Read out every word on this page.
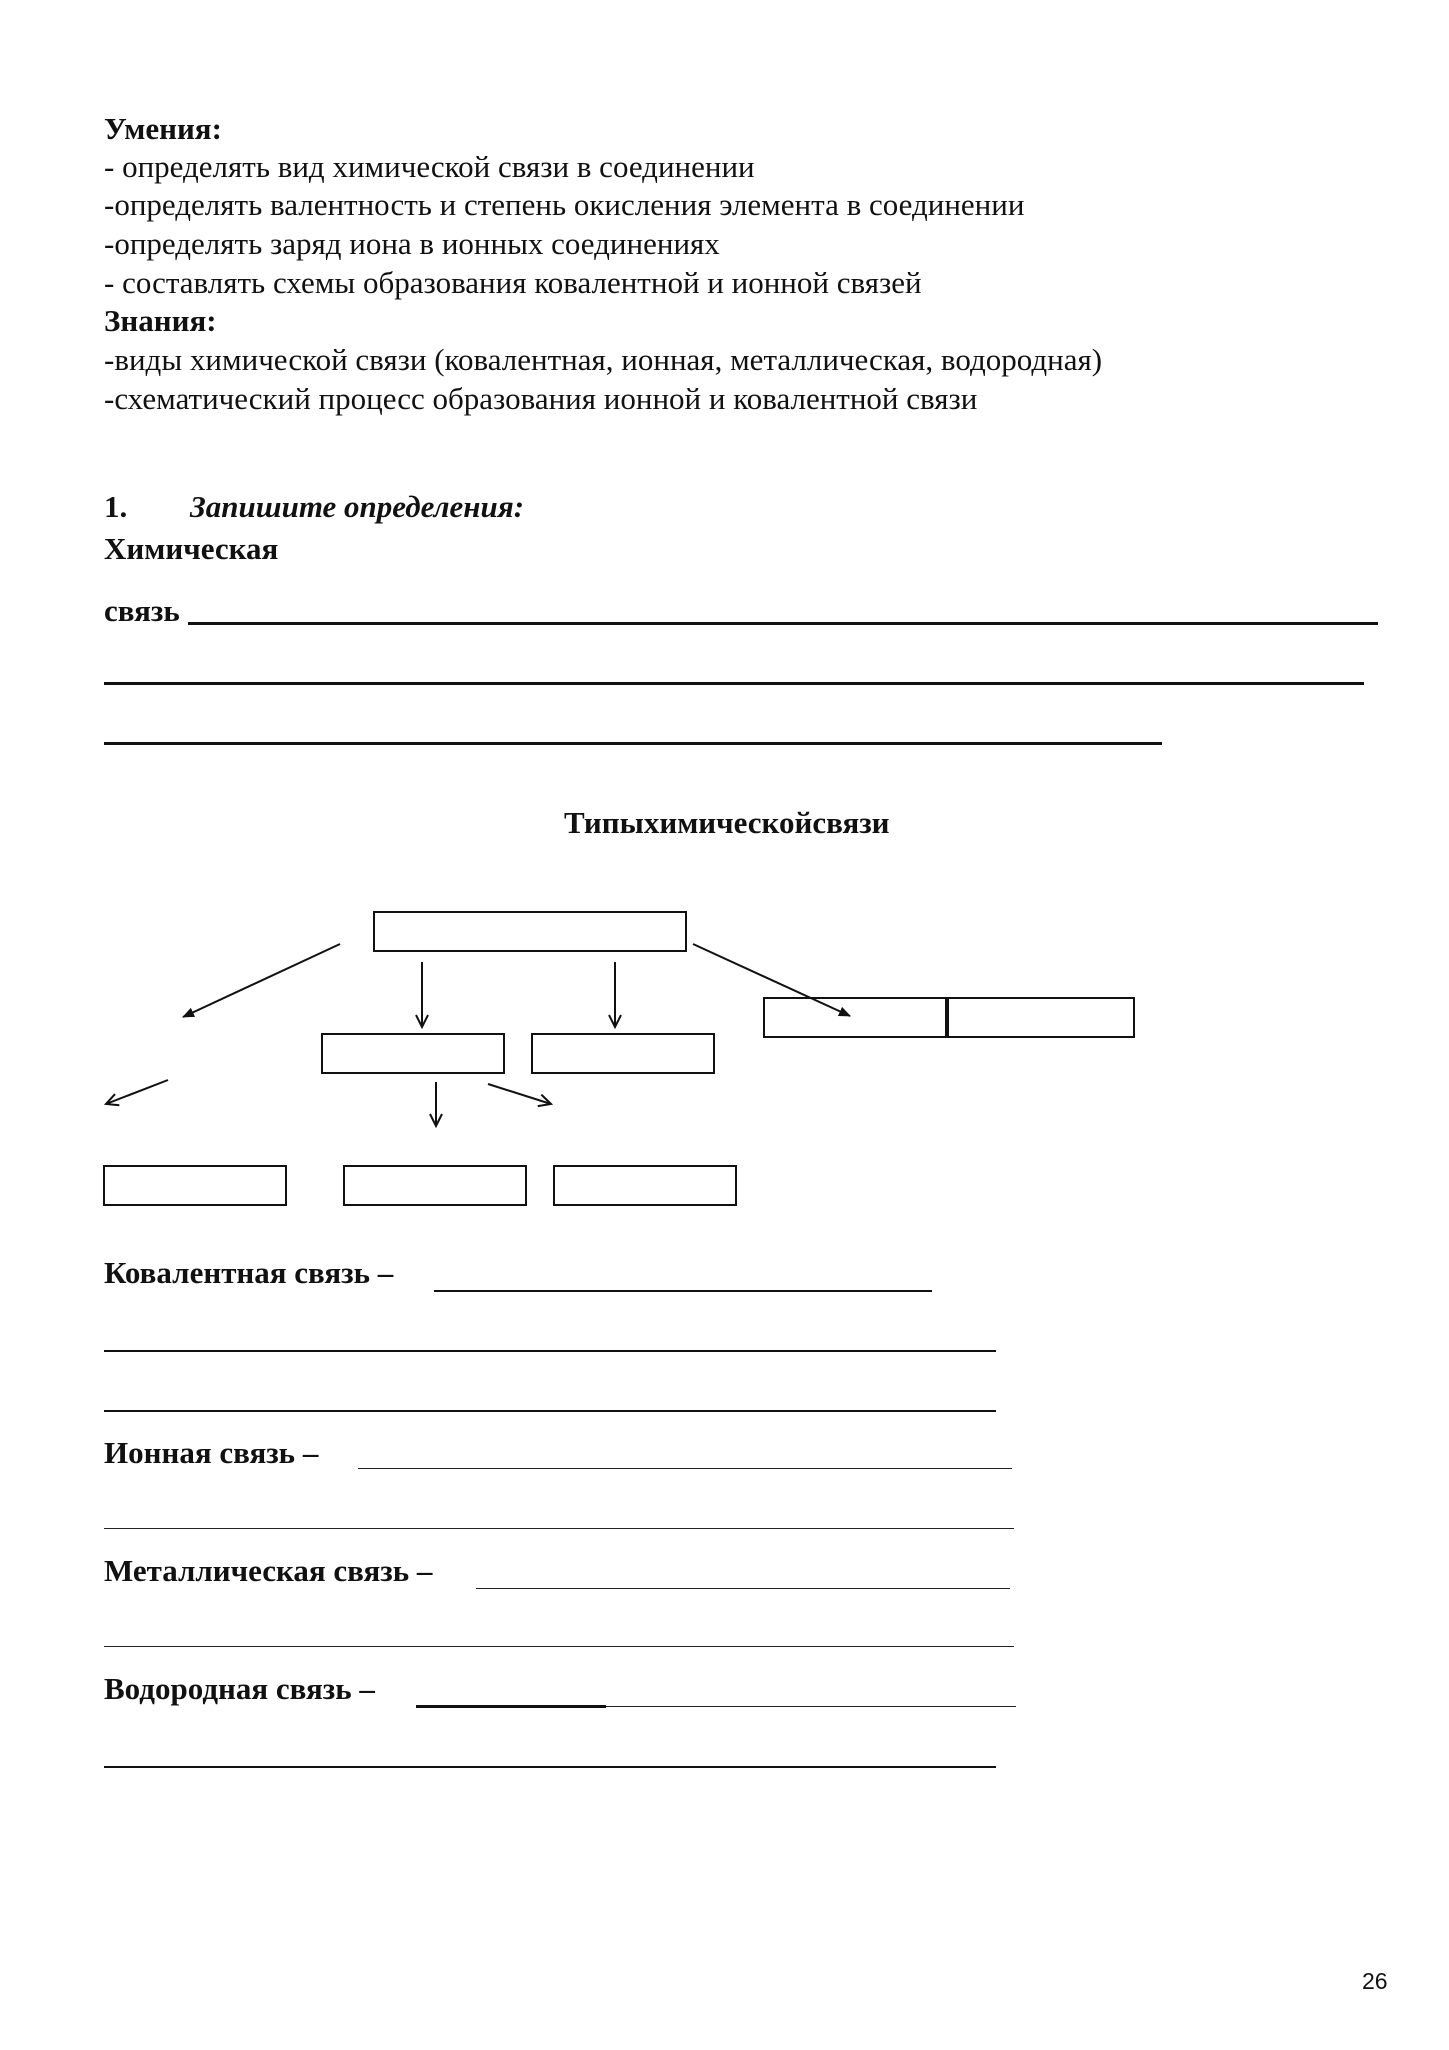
Умения:
- определять вид химической связи в соединении
-определять валентность и степень окисления элемента в соединении
-определять заряд иона в ионных соединениях
- составлять схемы образования ковалентной и ионной связей
Знания:
-виды химической связи (ковалентная, ионная, металлическая, водородная)
-схематический процесс образования ионной и ковалентной связи
1. Запишите определения:
Химическая
связь
Типыхимическойсвязи
Ковалентная связь –
Ионная связь –
Металлическая связь –
Водородная связь –
26
